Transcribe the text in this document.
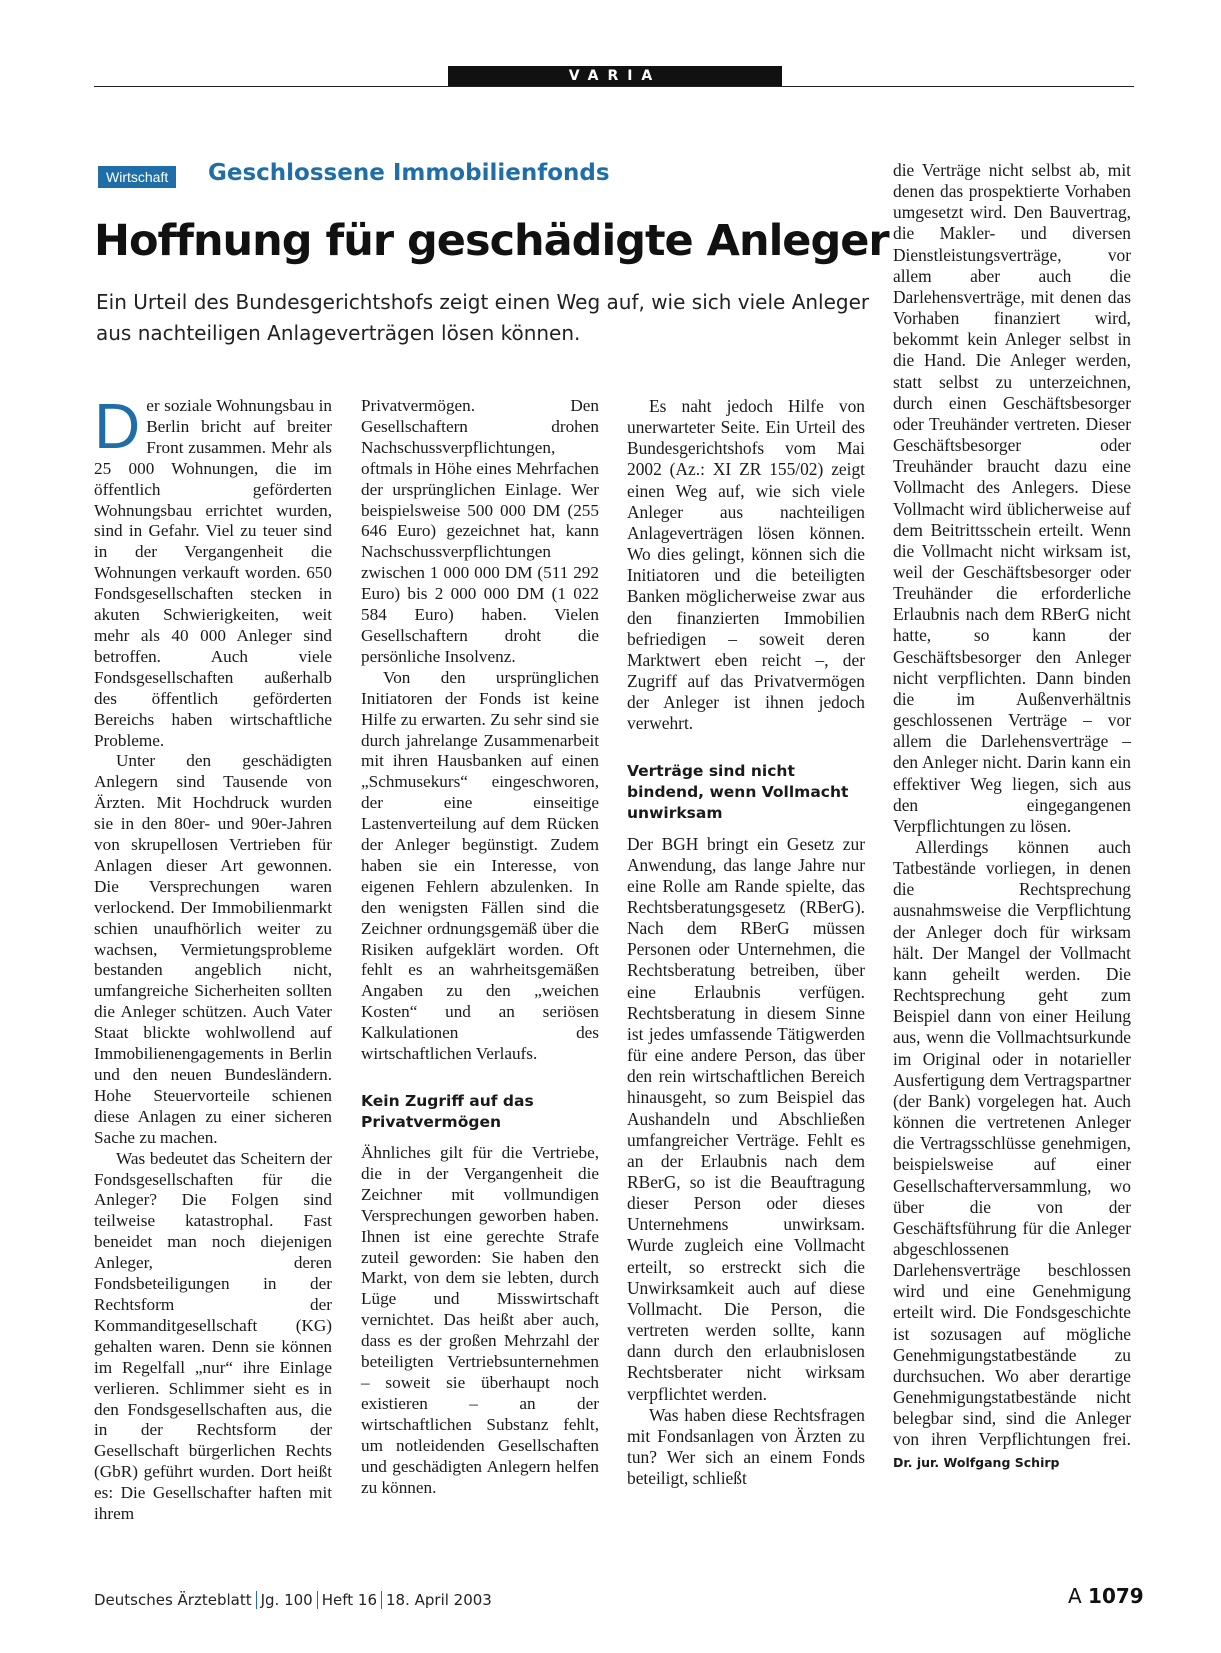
VARIA
Wirtschaft	Geschlossene Immobilienfonds
Hoffnung für geschädigte Anleger
Ein Urteil des Bundesgerichtshofs zeigt einen Weg auf, wie sich viele Anleger aus nachteiligen Anlageverträgen lösen können.
D er soziale Wohnungsbau in Berlin bricht auf breiter Front zusammen. Mehr als 25 000 Wohnungen, die im öffentlich geförderten Wohnungsbau errichtet wurden, sind in Gefahr. Viel zu teuer sind in der Vergangenheit die Wohnungen verkauft worden. 650 Fondsgesellschaften stecken in akuten Schwierigkeiten, weit mehr als 40 000 Anleger sind betroffen. Auch viele Fondsgesellschaften außerhalb des öffentlich geförderten Bereichs haben wirtschaftliche Probleme.

Unter den geschädigten Anlegern sind Tausende von Ärzten. Mit Hochdruck wurden sie in den 80er- und 90er-Jahren von skrupellosen Vertrieben für Anlagen dieser Art gewonnen. Die Versprechungen waren verlockend. Der Immobilienmarkt schien unaufhörlich weiter zu wachsen, Vermietungsprobleme bestanden angeblich nicht, umfangreiche Sicherheiten sollten die Anleger schützen. Auch Vater Staat blickte wohlwollend auf Immobilienengagements in Berlin und den neuen Bundesländern. Hohe Steuervorteile schienen diese Anlagen zu einer sicheren Sache zu machen.

Was bedeutet das Scheitern der Fondsgesellschaften für die Anleger? Die Folgen sind teilweise katastrophal. Fast beneidet man noch diejenigen Anleger, deren Fondsbeteiligungen in der Rechtsform der Kommanditgesellschaft (KG) gehalten waren. Denn sie können im Regelfall „nur“ ihre Einlage verlieren. Schlimmer sieht es in den Fondsgesellschaften aus, die in der Rechtsform der Gesellschaft bürgerlichen Rechts (GbR) geführt wurden. Dort heißt es: Die Gesellschafter haften mit ihrem

Privatvermögen. Den Gesellschaftern drohen Nachschussverpflichtungen, oftmals in Höhe eines Mehrfachen der ursprünglichen Einlage. Wer beispielsweise 500 000 DM (255 646 Euro) gezeichnet hat, kann Nachschussverpflichtungen zwischen 1 000 000 DM (511 292 Euro) bis 2 000 000 DM (1 022 584 Euro) haben. Vielen Gesellschaftern droht die persönliche Insolvenz.

Von den ursprünglichen Initiatoren der Fonds ist keine Hilfe zu erwarten. Zu sehr sind sie durch jahrelange Zusammenarbeit mit ihren Hausbanken auf einen „Schmusekurs“ eingeschworen, der eine einseitige Lastenverteilung auf dem Rücken der Anleger begünstigt. Zudem haben sie ein Interesse, von eigenen Fehlern abzulenken. In den wenigsten Fällen sind die Zeichner ordnungsgemäß über die Risiken aufgeklärt worden. Oft fehlt es an wahrheitsgemäßen Angaben zu den „weichen Kosten“ und an seriösen Kalkulationen des wirtschaftlichen Verlaufs.

Kein Zugriff auf das Privatvermögen

Ähnliches gilt für die Vertriebe, die in der Vergangenheit die Zeichner mit vollmundigen Versprechungen geworben haben. Ihnen ist eine gerechte Strafe zuteil geworden: Sie haben den Markt, von dem sie lebten, durch Lüge und Misswirtschaft vernichtet. Das heißt aber auch, dass es der großen Mehrzahl der beteiligten Vertriebsunternehmen – soweit sie überhaupt noch existieren – an der wirtschaftlichen Substanz fehlt, um notleidenden Gesellschaften und geschädigten Anlegern helfen zu können.

Es naht jedoch Hilfe von unerwarteter Seite. Ein Urteil des Bundesgerichtshofs vom Mai 2002 (Az.: XI ZR 155/02) zeigt einen Weg auf, wie sich viele Anleger aus nachteiligen Anlageverträgen lösen können. Wo dies gelingt, können sich die Initiatoren und die beteiligten Banken möglicherweise zwar aus den finanzierten Immobilien befriedigen – soweit deren Marktwert eben reicht –, der Zugriff auf das Privatvermögen der Anleger ist ihnen jedoch verwehrt.

Verträge sind nicht bindend, wenn Vollmacht unwirksam

Der BGH bringt ein Gesetz zur Anwendung, das lange Jahre nur eine Rolle am Rande spielte, das Rechtsberatungsgesetz (RBerG). Nach dem RBerG müssen Personen oder Unternehmen, die Rechtsberatung betreiben, über eine Erlaubnis verfügen. Rechtsberatung in diesem Sinne ist jedes umfassende Tätigwerden für eine andere Person, das über den rein wirtschaftlichen Bereich hinausgeht, so zum Beispiel das Aushandeln und Abschließen umfangreicher Verträge. Fehlt es an der Erlaubnis nach dem RBerG, so ist die Beauftragung dieser Person oder dieses Unternehmens unwirksam. Wurde zugleich eine Vollmacht erteilt, so erstreckt sich die Unwirksamkeit auch auf diese Vollmacht. Die Person, die vertreten werden sollte, kann dann durch den erlaubnislosen Rechtsberater nicht wirksam verpflichtet werden.

Was haben diese Rechtsfragen mit Fondsanlagen von Ärzten zu tun? Wer sich an einem Fonds beteiligt, schließt

die Verträge nicht selbst ab, mit denen das prospektierte Vorhaben umgesetzt wird. Den Bauvertrag, die Makler- und diversen Dienstleistungsverträge, vor allem aber auch die Darlehensverträge, mit denen das Vorhaben finanziert wird, bekommt kein Anleger selbst in die Hand. Die Anleger werden, statt selbst zu unterzeichnen, durch einen Geschäftsbesorger oder Treuhänder vertreten. Dieser Geschäftsbesorger oder Treuhänder braucht dazu eine Vollmacht des Anlegers. Diese Vollmacht wird üblicherweise auf dem Beitrittsschein erteilt. Wenn die Vollmacht nicht wirksam ist, weil der Geschäftsbesorger oder Treuhänder die erforderliche Erlaubnis nach dem RBerG nicht hatte, so kann der Geschäftsbesorger den Anleger nicht verpflichten. Dann binden die im Außenverhältnis geschlossenen Verträge – vor allem die Darlehensverträge – den Anleger nicht. Darin kann ein effektiver Weg liegen, sich aus den eingegangenen Verpflichtungen zu lösen.

Allerdings können auch Tatbestände vorliegen, in denen die Rechtsprechung ausnahmsweise die Verpflichtung der Anleger doch für wirksam hält. Der Mangel der Vollmacht kann geheilt werden. Die Rechtsprechung geht zum Beispiel dann von einer Heilung aus, wenn die Vollmachtsurkunde im Original oder in notarieller Ausfertigung dem Vertragspartner (der Bank) vorgelegen hat. Auch können die vertretenen Anleger die Vertragsschlüsse genehmigen, beispielsweise auf einer Gesellschafterversammlung, wo über die von der Geschäftsführung für die Anleger abgeschlossenen Darlehensverträge beschlossen wird und eine Genehmigung erteilt wird. Die Fondsgeschichte ist sozusagen auf mögliche Genehmigungstatbestände zu durchsuchen. Wo aber derartige Genehmigungstatbestände nicht belegbar sind, sind die Anleger von ihren Verpflichtungen frei. Dr. jur. Wolfgang Schirp

Deutsches Ärzteblatt Jg. 100 Heft 16 18. April 2003	A 1079
